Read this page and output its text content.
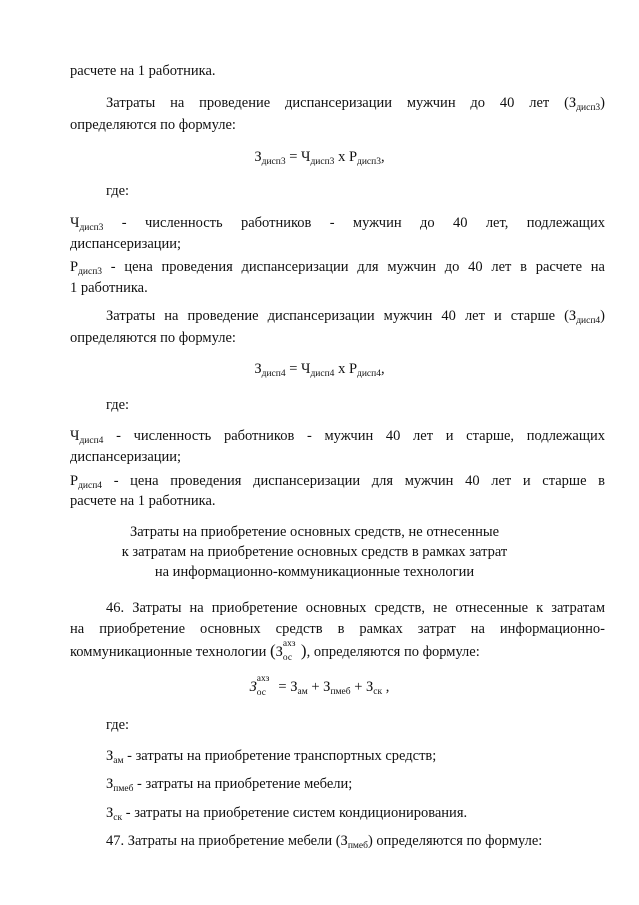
расчете на 1 работника.

Затраты на проведение диспансеризации мужчин до 40 лет $(З_{дисп3})$

определяются по формуле:

$З_{дисп3} = Ч_{дисп3}$ x $P_{дисп3}$,

где:

$Ч_{дисп3}$ - численность работников - мужчин до 40 лет, подлежащих

диспансеризации;

$Р_{дисп3}$ - цена проведения диспансеризации для мужчин до 40 лет в расчете на

1 работника.

Затраты на проведение диспансеризации мужчин 40 лет и старше $(З_{дисп4})$

определяются по формуле:

$З_{дисп4} = Ч_{дисп4}$ x $P_{дисп4}$,

где:

$Ч_{дисп4}$ - численность работников - мужчин 40 лет и старше, подлежащих

диспансеризации;

$Р_{дисп4}$ - цена проведения диспансеризации для мужчин 40 лет и старше в

расчете на 1 работника.

Затраты на приобретение основных средств, не отнесенные

к затратам на приобретение основных средств в рамках затрат

на информационно-коммуникационные технологии

46. Затраты на приобретение основных средств, не отнесенные к затратам

на приобретение основных средств в рамках затрат на информационно-

коммуникационные технологии (З ахз
ос ), определяются по формуле:

З ахз
ос = $З_{ам} + З_{пмеб} + З_{ск}$ ,

где:

$З_{ам}$ - затраты на приобретение транспортных средств;

$З_{пмеб}$ - затраты на приобретение мебели;

$З_{ск}$ - затраты на приобретение систем кондиционирования.

47. Затраты на приобретение мебели $(З_{пмеб})$ определяются по формуле:
